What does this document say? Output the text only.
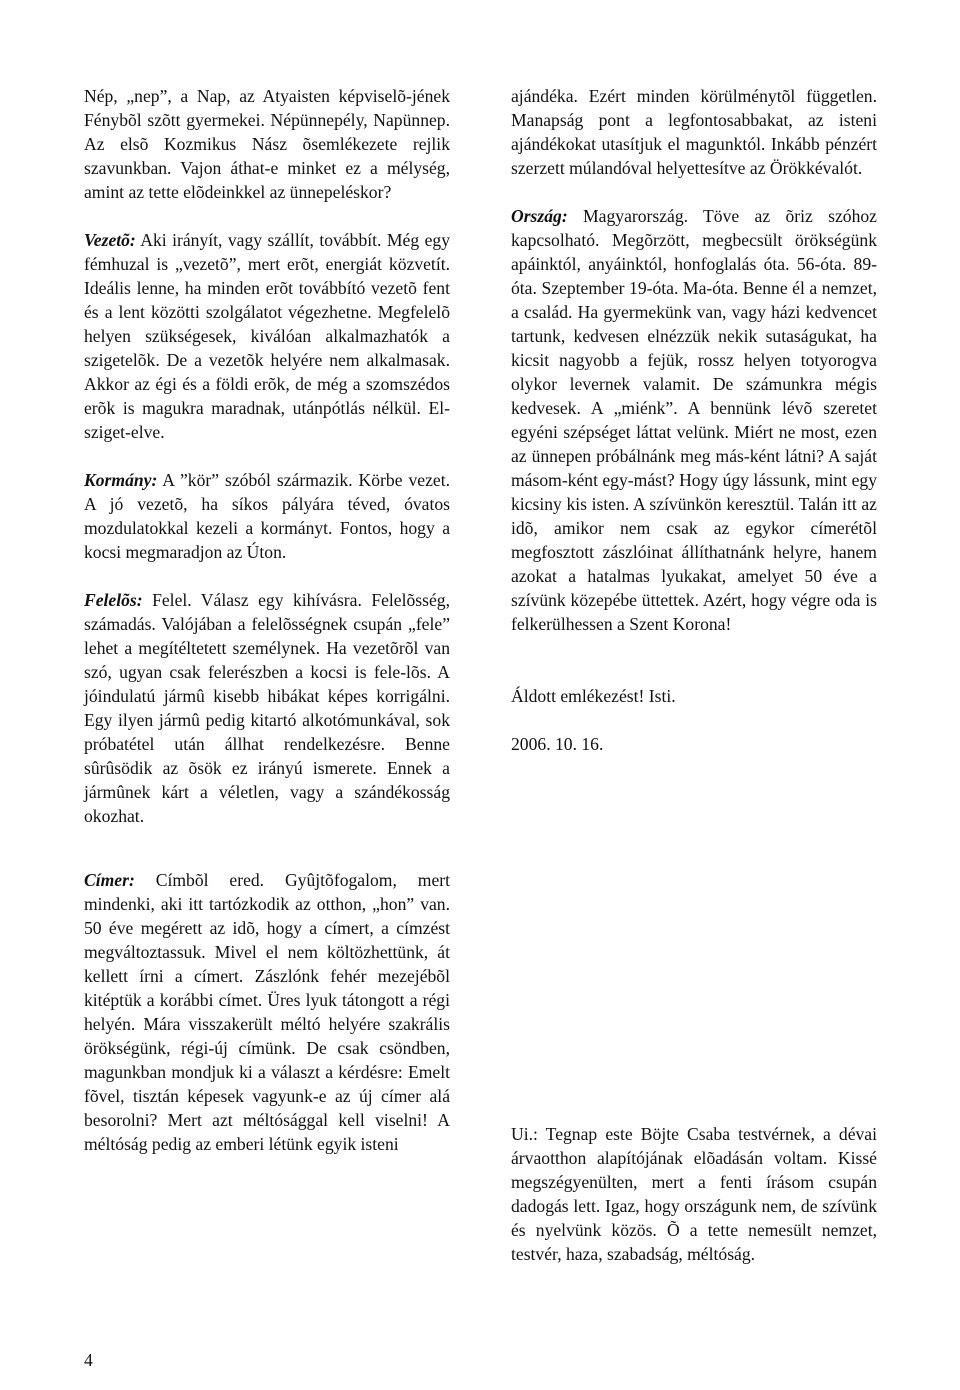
Nép, „nep”, a Nap, az Atyaisten képviselõ-jének Fénybõl szõtt gyermekei. Népünnepély, Napünnep. Az elsõ Kozmikus Nász õsemlékezete rejlik szavunkban. Vajon áthat-e minket ez a mélység, amint az tette elõdeinkkel az ünnepeléskor?

Vezetõ: Aki irányít, vagy szállít, továbbít. Még egy fémhuzal is „vezetõ”, mert erõt, energiát közvetít. Ideális lenne, ha minden erõt továbbító vezetõ fent és a lent közötti szolgálatot végezhetne. Megfelelõ helyen szükségesek, kiválóan alkalmazhatók a szigetelõk. De a vezetõk helyére nem alkalmasak. Akkor az égi és a földi erõk, de még a szomszédos erõk is magukra maradnak, utánpótlás nélkül. El-sziget-elve.

Kormány: A ”kör” szóból származik. Körbe vezet. A jó vezetõ, ha síkos pályára téved, óvatos mozdulatokkal kezeli a kormányt. Fontos, hogy a kocsi megmaradjon az Úton.

Felelõs: Felel. Válasz egy kihívásra. Felelõsség, számadás. Valójában a felelõsségnek csupán „fele” lehet a megítéltetett személynek. Ha vezetõrõl van szó, ugyan csak felerészben a kocsi is fele-lõs. A jóindulatú jármû kisebb hibákat képes korrigálni. Egy ilyen jármû pedig kitartó alkotómunkával, sok próbatétel után állhat rendelkezésre. Benne sûrûsödik az õsök ez irányú ismerete. Ennek a jármûnek kárt a véletlen, vagy a szándékosság okozhat.

Címer: Címbõl ered. Gyûjtõfogalom, mert mindenki, aki itt tartózkodik az otthon, „hon” van. 50 éve megérett az idõ, hogy a címert, a címzést megváltoztassuk. Mivel el nem költözhettünk, át kellett írni a címert. Zászlónk fehér mezejébõl kitéptük a korábbi címet. Üres lyuk tátongott a régi helyén. Mára visszakerült méltó helyére szakrális örökségünk, régi-új címünk. De csak csöndben, magunkban mondjuk ki a választ a kérdésre: Emelt fõvel, tisztán képesek vagyunk-e az új címer alá besorolni? Mert azt méltósággal kell viselni! A méltóság pedig az emberi létünk egyik isteni

ajándéka. Ezért minden körülménytõl független. Manapság pont a legfontosabbakat, az isteni ajándékokat utasítjuk el magunktól. Inkább pénzért szerzett múlandóval helyettesítve az Örökkévalót.

Ország: Magyarország. Töve az õriz szóhoz kapcsolható. Megõrzött, megbecsült örökségünk apáinktól, anyáinktól, honfoglalás óta. 56-óta. 89-óta. Szeptember 19-óta. Ma-óta. Benne él a nemzet, a család. Ha gyermekünk van, vagy házi kedvencet tartunk, kedvesen elnézzük nekik sutaságukat, ha kicsit nagyobb a fejük, rossz helyen totyorogva olykor levernek valamit. De számunkra mégis kedvesek. A „miénk”. A bennünk lévõ szeretet egyéni szépséget láttat velünk. Miért ne most, ezen az ünnepen próbálnánk meg más-ként látni? A saját másom-ként egy-mást? Hogy úgy lássunk, mint egy kicsiny kis isten. A szívünkön keresztül. Talán itt az idõ, amikor nem csak az egykor címerétõl megfosztott zászlóinat állíthatnánk helyre, hanem azokat a hatalmas lyukakat, amelyet 50 éve a szívünk közepébe üttettek. Azért, hogy végre oda is felkerülhessen a Szent Korona!

Áldott emlékezést! Isti.

2006. 10. 16.

Ui.: Tegnap este Böjte Csaba testvérnek, a dévai árvaotthon alapítójának elõadásán voltam. Kissé megszégyenülten, mert a fenti írásom csupán dadogás lett. Igaz, hogy országunk nem, de szívünk és nyelvünk közös. Õ a tette nemesült nemzet, testvér, haza, szabadság, méltóság.

4
